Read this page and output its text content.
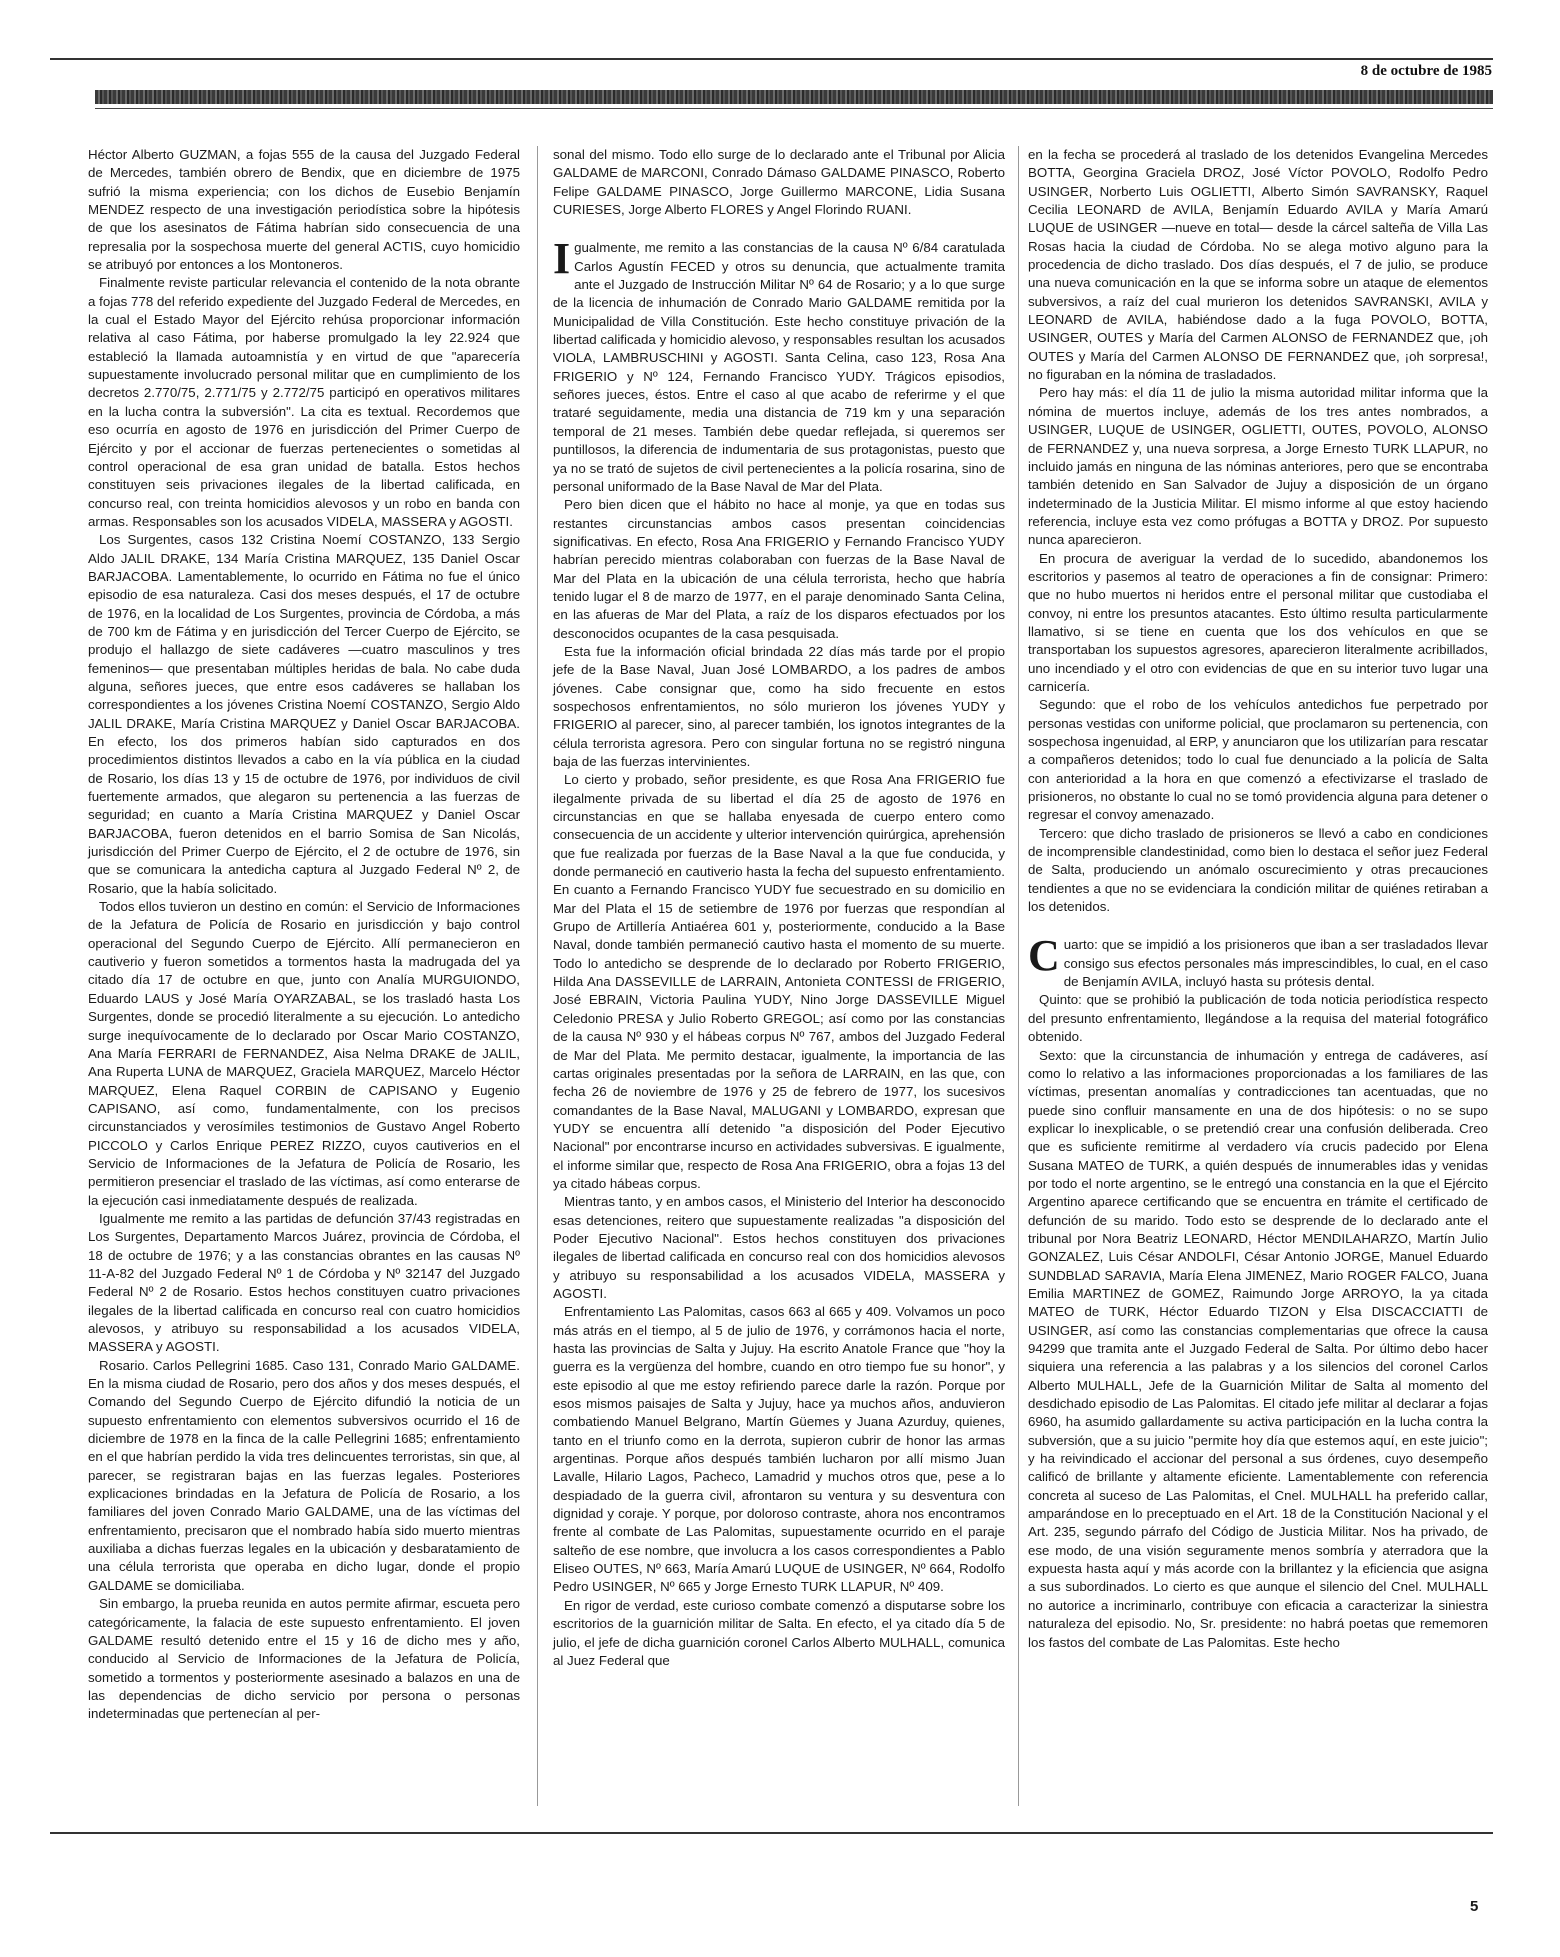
8 de octubre de 1985

Héctor Alberto GUZMAN, a fojas 555 de la causa del Juzgado Federal de Mercedes, también obrero de Bendix, que en diciembre de 1975 sufrió la misma experiencia; con los dichos de Eusebio Benjamín MENDEZ respecto de una investigación periodística sobre la hipótesis de que los asesinatos de Fátima habrían sido consecuencia de una represalia por la sospechosa muerte del general ACTIS, cuyo homicidio se atribuyó por entonces a los Montoneros.

Finalmente reviste particular relevancia el contenido de la nota obrante a fojas 778 del referido expediente del Juzgado Federal de Mercedes, en la cual el Estado Mayor del Ejército rehúsa proporcionar información relativa al caso Fátima, por haberse promulgado la ley 22.924 que estableció la llamada autoamnistía y en virtud de que "aparecería supuestamente involucrado personal militar que en cumplimiento de los decretos 2.770/75, 2.771/75 y 2.772/75 participó en operativos militares en la lucha contra la subversión". La cita es textual. Recordemos que eso ocurría en agosto de 1976 en jurisdicción del Primer Cuerpo de Ejército y por el accionar de fuerzas pertenecientes o sometidas al control operacional de esa gran unidad de batalla. Estos hechos constituyen seis privaciones ilegales de la libertad calificada, en concurso real, con treinta homicidios alevosos y un robo en banda con armas. Responsables son los acusados VIDELA, MASSERA y AGOSTI.

Los Surgentes, casos 132 Cristina Noemí COSTANZO, 133 Sergio Aldo JALIL DRAKE, 134 María Cristina MARQUEZ, 135 Daniel Oscar BARJACOBA. Lamentablemente, lo ocurrido en Fátima no fue el único episodio de esa naturaleza. Casi dos meses después, el 17 de octubre de 1976, en la localidad de Los Surgentes, provincia de Córdoba, a más de 700 km de Fátima y en jurisdicción del Tercer Cuerpo de Ejército, se produjo el hallazgo de siete cadáveres —cuatro masculinos y tres femeninos— que presentaban múltiples heridas de bala. No cabe duda alguna, señores jueces, que entre esos cadáveres se hallaban los correspondientes a los jóvenes Cristina Noemí COSTANZO, Sergio Aldo JALIL DRAKE, María Cristina MARQUEZ y Daniel Oscar BARJACOBA. En efecto, los dos primeros habían sido capturados en dos procedimientos distintos llevados a cabo en la vía pública en la ciudad de Rosario, los días 13 y 15 de octubre de 1976, por individuos de civil fuertemente armados, que alegaron su pertenencia a las fuerzas de seguridad; en cuanto a María Cristina MARQUEZ y Daniel Oscar BARJACOBA, fueron detenidos en el barrio Somisa de San Nicolás, jurisdicción del Primer Cuerpo de Ejército, el 2 de octubre de 1976, sin que se comunicara la antedicha captura al Juzgado Federal Nº 2, de Rosario, que la había solicitado.

Todos ellos tuvieron un destino en común: el Servicio de Informaciones de la Jefatura de Policía de Rosario en jurisdicción y bajo control operacional del Segundo Cuerpo de Ejército. Allí permanecieron en cautiverio y fueron sometidos a tormentos hasta la madrugada del ya citado día 17 de octubre en que, junto con Analía MURGUIONDO, Eduardo LAUS y José María OYARZABAL, se los trasladó hasta Los Surgentes, donde se procedió literalmente a su ejecución. Lo antedicho surge inequívocamente de lo declarado por Oscar Mario COSTANZO, Ana María FERRARI de FERNANDEZ, Aisa Nelma DRAKE de JALIL, Ana Ruperta LUNA de MARQUEZ, Graciela MARQUEZ, Marcelo Héctor MARQUEZ, Elena Raquel CORBIN de CAPISANO y Eugenio CAPISANO, así como, fundamentalmente, con los precisos circunstanciados y verosímiles testimonios de Gustavo Angel Roberto PICCOLO y Carlos Enrique PEREZ RIZZO, cuyos cautiverios en el Servicio de Informaciones de la Jefatura de Policía de Rosario, les permitieron presenciar el traslado de las víctimas, así como enterarse de la ejecución casi inmediatamente después de realizada.

Igualmente me remito a las partidas de defunción 37/43 registradas en Los Surgentes, Departamento Marcos Juárez, provincia de Córdoba, el 18 de octubre de 1976; y a las constancias obrantes en las causas Nº 11-A-82 del Juzgado Federal Nº 1 de Córdoba y Nº 32147 del Juzgado Federal Nº 2 de Rosario. Estos hechos constituyen cuatro privaciones ilegales de la libertad calificada en concurso real con cuatro homicidios alevosos, y atribuyo su responsabilidad a los acusados VIDELA, MASSERA y AGOSTI.

Rosario. Carlos Pellegrini 1685. Caso 131, Conrado Mario GALDAME. En la misma ciudad de Rosario, pero dos años y dos meses después, el Comando del Segundo Cuerpo de Ejército difundió la noticia de un supuesto enfrentamiento con elementos subversivos ocurrido el 16 de diciembre de 1978 en la finca de la calle Pellegrini 1685; enfrentamiento en el que habrían perdido la vida tres delincuentes terroristas, sin que, al parecer, se registraran bajas en las fuerzas legales. Posteriores explicaciones brindadas en la Jefatura de Policía de Rosario, a los familiares del joven Conrado Mario GALDAME, una de las víctimas del enfrentamiento, precisaron que el nombrado había sido muerto mientras auxiliaba a dichas fuerzas legales en la ubicación y desbaratamiento de una célula terrorista que operaba en dicho lugar, donde el propio GALDAME se domiciliaba.

Sin embargo, la prueba reunida en autos permite afirmar, escueta pero categóricamente, la falacia de este supuesto enfrentamiento. El joven GALDAME resultó detenido entre el 15 y 16 de dicho mes y año, conducido al Servicio de Informaciones de la Jefatura de Policía, sometido a tormentos y posteriormente asesinado a balazos en una de las dependencias de dicho servicio por persona o personas indeterminadas que pertenecían al per-

sonal del mismo. Todo ello surge de lo declarado ante el Tribunal por Alicia GALDAME de MARCONI, Conrado Dámaso GALDAME PINASCO, Roberto Felipe GALDAME PINASCO, Jorge Guillermo MARCONE, Lidia Susana CURIESES, Jorge Alberto FLORES y Angel Florindo RUANI.

I gualmente, me remito a las constancias de la causa Nº 6/84 caratulada Carlos Agustín FECED y otros su denuncia, que actualmente tramita ante el Juzgado de Instrucción Militar Nº 64 de Rosario; y a lo que surge de la licencia de inhumación de Conrado Mario GALDAME remitida por la Municipalidad de Villa Constitución. Este hecho constituye privación de la libertad calificada y homicidio alevoso, y responsables resultan los acusados VIOLA, LAMBRUSCHINI y AGOSTI. Santa Celina, caso 123, Rosa Ana FRIGERIO y Nº 124, Fernando Francisco YUDY. Trágicos episodios, señores jueces, éstos. Entre el caso al que acabo de referirme y el que trataré seguidamente, media una distancia de 719 km y una separación temporal de 21 meses. También debe quedar reflejada, si queremos ser puntillosos, la diferencia de indumentaria de sus protagonistas, puesto que ya no se trató de sujetos de civil pertenecientes a la policía rosarina, sino de personal uniformado de la Base Naval de Mar del Plata.

Pero bien dicen que el hábito no hace al monje, ya que en todas sus restantes circunstancias ambos casos presentan coincidencias significativas. En efecto, Rosa Ana FRIGERIO y Fernando Francisco YUDY habrían perecido mientras colaboraban con fuerzas de la Base Naval de Mar del Plata en la ubicación de una célula terrorista, hecho que habría tenido lugar el 8 de marzo de 1977, en el paraje denominado Santa Celina, en las afueras de Mar del Plata, a raíz de los disparos efectuados por los desconocidos ocupantes de la casa pesquisada.

Esta fue la información oficial brindada 22 días más tarde por el propio jefe de la Base Naval, Juan José LOMBARDO, a los padres de ambos jóvenes. Cabe consignar que, como ha sido frecuente en estos sospechosos enfrentamientos, no sólo murieron los jóvenes YUDY y FRIGERIO al parecer, sino, al parecer también, los ignotos integrantes de la célula terrorista agresora. Pero con singular fortuna no se registró ninguna baja de las fuerzas intervinientes.

Lo cierto y probado, señor presidente, es que Rosa Ana FRIGERIO fue ilegalmente privada de su libertad el día 25 de agosto de 1976 en circunstancias en que se hallaba enyesada de cuerpo entero como consecuencia de un accidente y ulterior intervención quirúrgica, aprehensión que fue realizada por fuerzas de la Base Naval a la que fue conducida, y donde permaneció en cautiverio hasta la fecha del supuesto enfrentamiento. En cuanto a Fernando Francisco YUDY fue secuestrado en su domicilio en Mar del Plata el 15 de setiembre de 1976 por fuerzas que respondían al Grupo de Artillería Antiaérea 601 y, posteriormente, conducido a la Base Naval, donde también permaneció cautivo hasta el momento de su muerte. Todo lo antedicho se desprende de lo declarado por Roberto FRIGERIO, Hilda Ana DASSEVILLE de LARRAIN, Antonieta CONTESSI de FRIGERIO, José EBRAIN, Victoria Paulina YUDY, Nino Jorge DASSEVILLE Miguel Celedonio PRESA y Julio Roberto GREGOL; así como por las constancias de la causa Nº 930 y el hábeas corpus Nº 767, ambos del Juzgado Federal de Mar del Plata. Me permito destacar, igualmente, la importancia de las cartas originales presentadas por la señora de LARRAIN, en las que, con fecha 26 de noviembre de 1976 y 25 de febrero de 1977, los sucesivos comandantes de la Base Naval, MALUGANI y LOMBARDO, expresan que YUDY se encuentra allí detenido "a disposición del Poder Ejecutivo Nacional" por encontrarse incurso en actividades subversivas. E igualmente, el informe similar que, respecto de Rosa Ana FRIGERIO, obra a fojas 13 del ya citado hábeas corpus.

Mientras tanto, y en ambos casos, el Ministerio del Interior ha desconocido esas detenciones, reitero que supuestamente realizadas "a disposición del Poder Ejecutivo Nacional". Estos hechos constituyen dos privaciones ilegales de libertad calificada en concurso real con dos homicidios alevosos y atribuyo su responsabilidad a los acusados VIDELA, MASSERA y AGOSTI.

Enfrentamiento Las Palomitas, casos 663 al 665 y 409. Volvamos un poco más atrás en el tiempo, al 5 de julio de 1976, y corrámonos hacia el norte, hasta las provincias de Salta y Jujuy. Ha escrito Anatole France que "hoy la guerra es la vergüenza del hombre, cuando en otro tiempo fue su honor", y este episodio al que me estoy refiriendo parece darle la razón. Porque por esos mismos paisajes de Salta y Jujuy, hace ya muchos años, anduvieron combatiendo Manuel Belgrano, Martín Güemes y Juana Azurduy, quienes, tanto en el triunfo como en la derrota, supieron cubrir de honor las armas argentinas. Porque años después también lucharon por allí mismo Juan Lavalle, Hilario Lagos, Pacheco, Lamadrid y muchos otros que, pese a lo despiadado de la guerra civil, afrontaron su ventura y su desventura con dignidad y coraje. Y porque, por doloroso contraste, ahora nos encontramos frente al combate de Las Palomitas, supuestamente ocurrido en el paraje salteño de ese nombre, que involucra a los casos correspondientes a Pablo Eliseo OUTES, Nº 663, María Amarú LUQUE de USINGER, Nº 664, Rodolfo Pedro USINGER, Nº 665 y Jorge Ernesto TURK LLAPUR, Nº 409.

En rigor de verdad, este curioso combate comenzó a disputarse sobre los escritorios de la guarnición militar de Salta. En efecto, el ya citado día 5 de julio, el jefe de dicha guarnición coronel Carlos Alberto MULHALL, comunica al Juez Federal que

en la fecha se procederá al traslado de los detenidos Evangelina Mercedes BOTTA, Georgina Graciela DROZ, José Víctor POVOLO, Rodolfo Pedro USINGER, Norberto Luis OGLIETTI, Alberto Simón SAVRANSKY, Raquel Cecilia LEONARD de AVILA, Benjamín Eduardo AVILA y María Amarú LUQUE de USINGER —nueve en total— desde la cárcel salteña de Villa Las Rosas hacia la ciudad de Córdoba. No se alega motivo alguno para la procedencia de dicho traslado. Dos días después, el 7 de julio, se produce una nueva comunicación en la que se informa sobre un ataque de elementos subversivos, a raíz del cual murieron los detenidos SAVRANSKI, AVILA y LEONARD de AVILA, habiéndose dado a la fuga POVOLO, BOTTA, USINGER, OUTES y María del Carmen ALONSO de FERNANDEZ que, ¡oh OUTES y María del Carmen ALONSO DE FERNANDEZ que, ¡oh sorpresa!, no figuraban en la nómina de trasladados.

Pero hay más: el día 11 de julio la misma autoridad militar informa que la nómina de muertos incluye, además de los tres antes nombrados, a USINGER, LUQUE de USINGER, OGLIETTI, OUTES, POVOLO, ALONSO de FERNANDEZ y, una nueva sorpresa, a Jorge Ernesto TURK LLAPUR, no incluido jamás en ninguna de las nóminas anteriores, pero que se encontraba también detenido en San Salvador de Jujuy a disposición de un órgano indeterminado de la Justicia Militar. El mismo informe al que estoy haciendo referencia, incluye esta vez como prófugas a BOTTA y DROZ. Por supuesto nunca aparecieron.

En procura de averiguar la verdad de lo sucedido, abandonemos los escritorios y pasemos al teatro de operaciones a fin de consignar: Primero: que no hubo muertos ni heridos entre el personal militar que custodiaba el convoy, ni entre los presuntos atacantes. Esto último resulta particularmente llamativo, si se tiene en cuenta que los dos vehículos en que se transportaban los supuestos agresores, aparecieron literalmente acribillados, uno incendiado y el otro con evidencias de que en su interior tuvo lugar una carnicería.

Segundo: que el robo de los vehículos antedichos fue perpetrado por personas vestidas con uniforme policial, que proclamaron su pertenencia, con sospechosa ingenuidad, al ERP, y anunciaron que los utilizarían para rescatar a compañeros detenidos; todo lo cual fue denunciado a la policía de Salta con anterioridad a la hora en que comenzó a efectivizarse el traslado de prisioneros, no obstante lo cual no se tomó providencia alguna para detener o regresar el convoy amenazado.

Tercero: que dicho traslado de prisioneros se llevó a cabo en condiciones de incomprensible clandestinidad, como bien lo destaca el señor juez Federal de Salta, produciendo un anómalo oscurecimiento y otras precauciones tendientes a que no se evidenciara la condición militar de quiénes retiraban a los detenidos.

C uarto: que se impidió a los prisioneros que iban a ser trasladados llevar consigo sus efectos personales más imprescindibles, lo cual, en el caso de Benjamín AVILA, incluyó hasta su prótesis dental.

Quinto: que se prohibió la publicación de toda noticia periodística respecto del presunto enfrentamiento, llegándose a la requisa del material fotográfico obtenido.

Sexto: que la circunstancia de inhumación y entrega de cadáveres, así como lo relativo a las informaciones proporcionadas a los familiares de las víctimas, presentan anomalías y contradicciones tan acentuadas, que no puede sino confluir mansamente en una de dos hipótesis: o no se supo explicar lo inexplicable, o se pretendió crear una confusión deliberada. Creo que es suficiente remitirme al verdadero vía crucis padecido por Elena Susana MATEO de TURK, a quién después de innumerables idas y venidas por todo el norte argentino, se le entregó una constancia en la que el Ejército Argentino aparece certificando que se encuentra en trámite el certificado de defunción de su marido. Todo esto se desprende de lo declarado ante el tribunal por Nora Beatriz LEONARD, Héctor MENDILAHARZO, Martín Julio GONZALEZ, Luis César ANDOLFI, César Antonio JORGE, Manuel Eduardo SUNDBLAD SARAVIA, María Elena JIMENEZ, Mario ROGER FALCO, Juana Emilia MARTINEZ de GOMEZ, Raimundo Jorge ARROYO, la ya citada MATEO de TURK, Héctor Eduardo TIZON y Elsa DISCACCIATTI de USINGER, así como las constancias complementarias que ofrece la causa 94299 que tramita ante el Juzgado Federal de Salta. Por último debo hacer siquiera una referencia a las palabras y a los silencios del coronel Carlos Alberto MULHALL, Jefe de la Guarnición Militar de Salta al momento del desdichado episodio de Las Palomitas. El citado jefe militar al declarar a fojas 6960, ha asumido gallardamente su activa participación en la lucha contra la subversión, que a su juicio "permite hoy día que estemos aquí, en este juicio"; y ha reivindicado el accionar del personal a sus órdenes, cuyo desempeño calificó de brillante y altamente eficiente. Lamentablemente con referencia concreta al suceso de Las Palomitas, el Cnel. MULHALL ha preferido callar, amparándose en lo preceptuado en el Art. 18 de la Constitución Nacional y el Art. 235, segundo párrafo del Código de Justicia Militar. Nos ha privado, de ese modo, de una visión seguramente menos sombría y aterradora que la expuesta hasta aquí y más acorde con la brillantez y la eficiencia que asigna a sus subordinados. Lo cierto es que aunque el silencio del Cnel. MULHALL no autorice a incriminarlo, contribuye con eficacia a caracterizar la siniestra naturaleza del episodio. No, Sr. presidente: no habrá poetas que rememoren los fastos del combate de Las Palomitas. Este hecho

5
